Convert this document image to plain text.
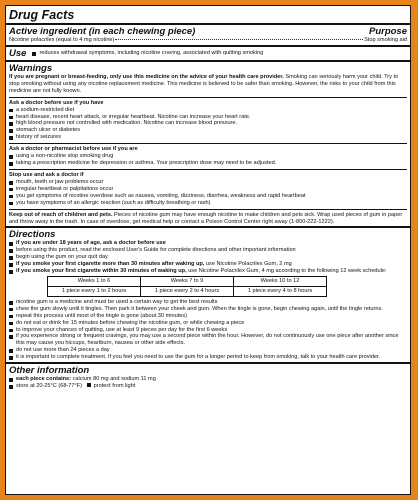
Drug Facts
Active ingredient (in each chewing piece)	Purpose
Nicotine polacrilex (equal to 4 mg nicotine)	Stop smoking aid
Use	reduces withdrawal symptoms, including nicotine craving, associated with quitting smoking
Warnings

If you are pregnant or breast-feeding, only use this medicine on the advice of your health care provider. Smoking can seriously harm your child. Try to stop smoking without using any nicotine replacement medicine. This medicine is believed to be safer than smoking. However, the risks to your child from this medicine are not fully known.

Ask a doctor before use if you have
a sodium-restricted diet
heart disease, recent heart attack, or irregular heartbeat. Nicotine can increase your heart rate.
high blood pressure not controlled with medication. Nicotine can increase blood pressure.
stomach ulcer or diabetes
history of seizures
Ask a doctor or pharmacist before use if you are
using a non-nicotine stop smoking drug
taking a prescription medicine for depression or asthma. Your prescription dose may need to be adjusted.
Stop use and ask a doctor if
mouth, teeth or jaw problems occur
irregular heartbeat or palpitations occur
you get symptoms of nicotine overdose such as nausea, vomiting, dizziness, diarrhea, weakness and rapid heartbeat
you have symptoms of an allergic reaction (such as difficulty breathing or rash)

Keep out of reach of children and pets. Pieces of nicotine gum may have enough nicotine to make children and pets sick. Wrap used pieces of gum in paper and throw away in the trash. In case of overdose, get medical help or contact a Poison Control Center right away (1-800-222-1222).

Directions
if you are under 18 years of age, ask a doctor before use
before using this product, read the enclosed User's Guide for complete directions and other important information
begin using the gum on your quit day
if you smoke your first cigarette more than 30 minutes after waking up, use Nicotine Polacrilex Gum, 2 mg
if you smoke your first cigarette within 30 minutes of waking up, use Nicotine Polacrilex Gum, 4 mg according to the following 12 week schedule:
Weeks 1 to 6	Weeks 7 to 9	Weeks 10 to 12
1 piece every 1 to 2 hours	1 piece every 2 to 4 hours	1 piece every 4 to 8 hours
nicotine gum is a medicine and must be used a certain way to get the best results
chew the gum slowly until it tingles. Then park it between your cheek and gum. When the tingle is gone, begin chewing again, until the tingle returns.
repeat this process until most of the tingle is gone (about 30 minutes)
do not eat or drink for 15 minutes before chewing the nicotine gum, or while chewing a piece
to improve your chances of quitting, use at least 9 pieces per day for the first 6 weeks
if you experience strong or frequent cravings, you may use a second piece within the hour. However, do not continuously use one piece after another since this may cause you hiccups, heartburn, nausea or other side effects.
do not use more than 24 pieces a day
it is important to complete treatment. If you feel you need to use the gum for a longer period to keep from smoking, talk to your health care provider.
Other information
each piece contains: calcium 80 mg and sodium 11 mg
store at 20-25°C (68-77°F) protect from light
